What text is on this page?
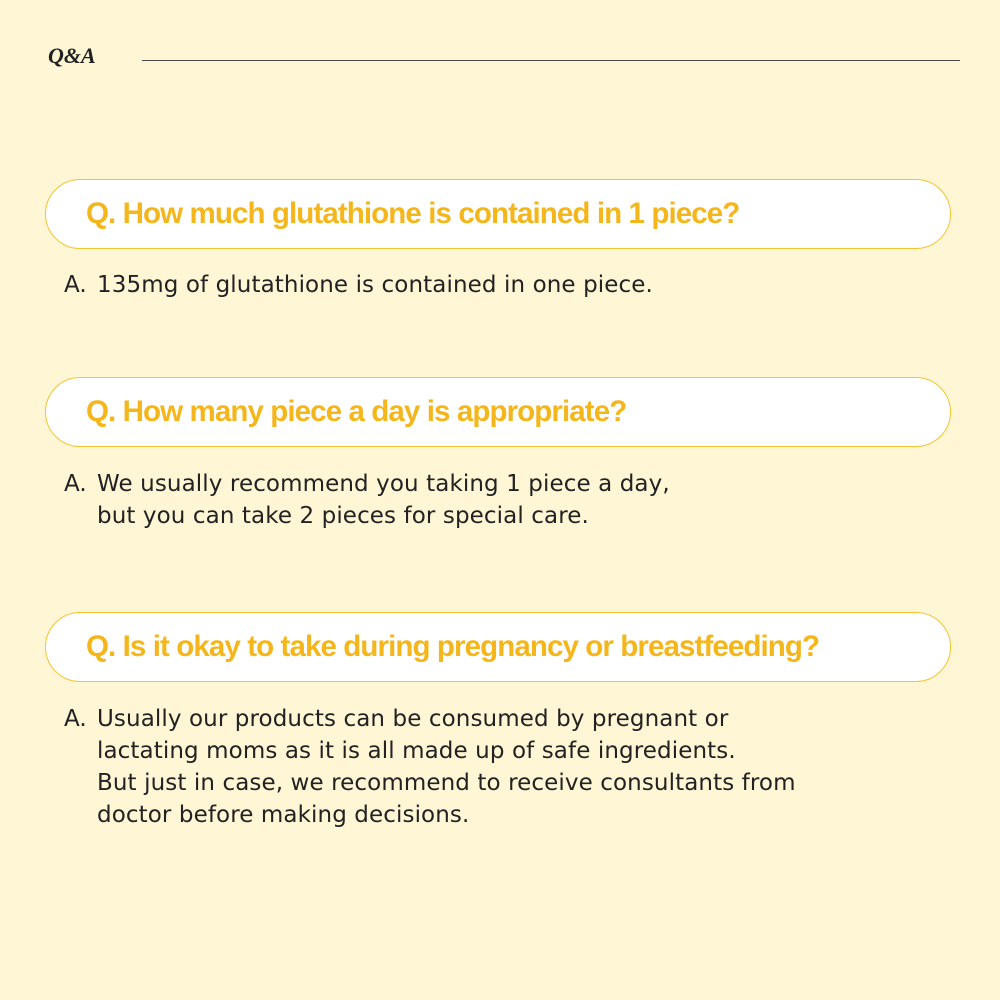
Q&A
Q. How much glutathione is contained in 1 piece?
A. 135mg of glutathione is contained in one piece.
Q. How many piece a day is appropriate?
A. We usually recommend you taking 1 piece a day,
but you can take 2 pieces for special care.
Q. Is it okay to take during pregnancy or breastfeeding?
A. Usually our products can be consumed by pregnant or
lactating moms as it is all made up of safe ingredients.
But just in case, we recommend to receive consultants from
doctor before making decisions.
